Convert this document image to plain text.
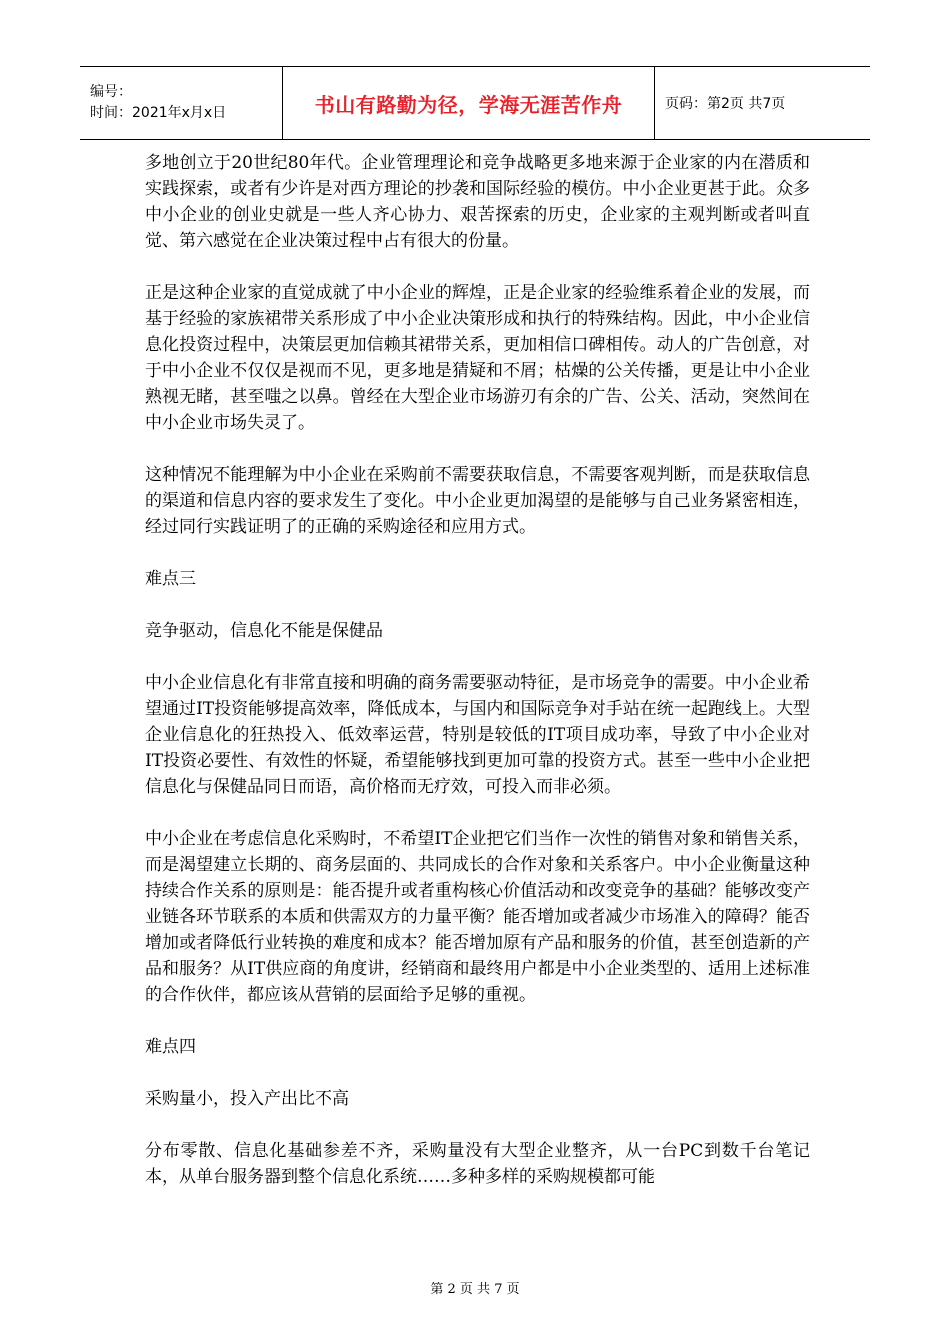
编号：
时间：2021年x月x日	书山有路勤为径，学海无涯苦作舟	页码：第2页 共7页

多地创立于20世纪80年代。企业管理理论和竞争战略更多地来源于企业家的内在潜质和实践探索，或者有少许是对西方理论的抄袭和国际经验的模仿。中小企业更甚于此。众多中小企业的创业史就是一些人齐心协力、艰苦探索的历史，企业家的主观判断或者叫直觉、第六感觉在企业决策过程中占有很大的份量。

正是这种企业家的直觉成就了中小企业的辉煌，正是企业家的经验维系着企业的发展，而基于经验的家族裙带关系形成了中小企业决策形成和执行的特殊结构。因此，中小企业信息化投资过程中，决策层更加信赖其裙带关系，更加相信口碑相传。动人的广告创意，对于中小企业不仅仅是视而不见，更多地是猜疑和不屑；枯燥的公关传播，更是让中小企业熟视无睹，甚至嗤之以鼻。曾经在大型企业市场游刃有余的广告、公关、活动，突然间在中小企业市场失灵了。

这种情况不能理解为中小企业在采购前不需要获取信息，不需要客观判断，而是获取信息的渠道和信息内容的要求发生了变化。中小企业更加渴望的是能够与自己业务紧密相连，经过同行实践证明了的正确的采购途径和应用方式。

难点三

竞争驱动，信息化不能是保健品

中小企业信息化有非常直接和明确的商务需要驱动特征，是市场竞争的需要。中小企业希望通过IT投资能够提高效率，降低成本，与国内和国际竞争对手站在统一起跑线上。大型企业信息化的狂热投入、低效率运营，特别是较低的IT项目成功率，导致了中小企业对IT投资必要性、有效性的怀疑，希望能够找到更加可靠的投资方式。甚至一些中小企业把信息化与保健品同日而语，高价格而无疗效，可投入而非必须。

中小企业在考虑信息化采购时，不希望IT企业把它们当作一次性的销售对象和销售关系，而是渴望建立长期的、商务层面的、共同成长的合作对象和关系客户。中小企业衡量这种持续合作关系的原则是：能否提升或者重构核心价值活动和改变竞争的基础？能够改变产业链各环节联系的本质和供需双方的力量平衡？能否增加或者减少市场准入的障碍？能否增加或者降低行业转换的难度和成本？能否增加原有产品和服务的价值，甚至创造新的产品和服务？从IT供应商的角度讲，经销商和最终用户都是中小企业类型的、适用上述标准的合作伙伴，都应该从营销的层面给予足够的重视。

难点四

采购量小，投入产出比不高

分布零散、信息化基础参差不齐，采购量没有大型企业整齐，从一台PC到数千台笔记本，从单台服务器到整个信息化系统……多种多样的采购规模都可能

第 2 页 共 7 页
